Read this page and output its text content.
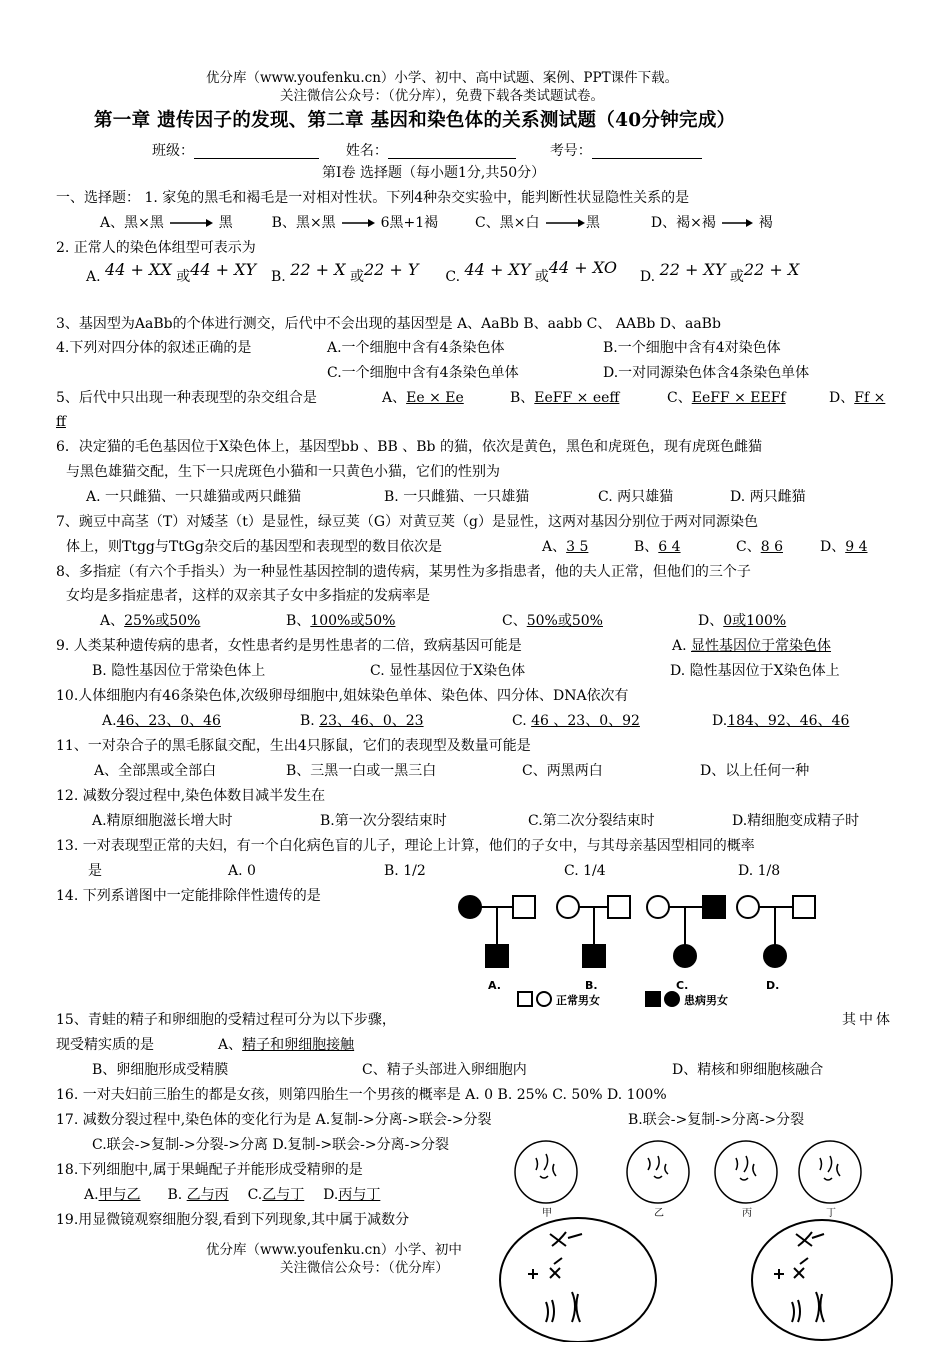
优分库（www.youfenku.cn）小学、初中、高中试题、案例、PPT课件下载。
关注微信公众号：（优分库），免费下载各类试题试卷。
第一章 遗传因子的发现、第二章 基因和染色体的关系测试题（40分钟完成）
班级：	姓名：	考号：
第Ⅰ卷 选择题（每小题1分,共50分）
一、选择题： 1. 家兔的黑毛和褐毛是一对相对性状。下列4种杂交实验中，能判断性状显隐性关系的是
A、黑×黑	黑	B、黑×黑	6黑+1褐	C、黑×白	黑	D、褐×褐	褐
2. 正常人的染色体组型可表示为
A. 44 + XX 或44 + XY B. 22 + X 或22 + Y C. 44 + XY 或44 + XO D. 22 + XY 或22 + X
3、基因型为AaBb的个体进行测交，后代中不会出现的基因型是 A、AaBb B、aabb C、 AABb D、aaBb
4.下列对四分体的叙述正确的是	A.一个细胞中含有4条染色体	B.一个细胞中含有4对染色体
C.一个细胞中含有4条染色单体	D.一对同源染色体含4条染色单体
5、后代中只出现一种表现型的杂交组合是	A、Ee × Ee	B、EeFF × eeff	C、EeFF × EEFf	D、Ff ×
ff
6．决定猫的毛色基因位于X染色体上，基因型bb 、BB 、Bb 的猫，依次是黄色，黑色和虎斑色，现有虎斑色雌猫
与黑色雄猫交配，生下一只虎斑色小猫和一只黄色小猫，它们的性别为
A. 一只雌猫、一只雄猫或两只雌猫	B. 一只雌猫、一只雄猫	C. 两只雄猫	D. 两只雌猫
7、豌豆中高茎（T）对矮茎（t）是显性，绿豆荚（G）对黄豆荚（g）是显性，这两对基因分别位于两对同源染色
体上，则Ttgg与TtGg杂交后的基因型和表现型的数目依次是	A、3 5	B、6 4	C、8 6	D、9 4
8、多指症（有六个手指头）为一种显性基因控制的遗传病，某男性为多指患者，他的夫人正常，但他们的三个子
女均是多指症患者，这样的双亲其子女中多指症的发病率是
A、25%或50%	B、100%或50%	C、50%或50%	D、0或100%
9. 人类某种遗传病的患者，女性患者约是男性患者的二倍，致病基因可能是	A. 显性基因位于常染色体
B. 隐性基因位于常染色体上	C. 显性基因位于X染色体	D. 隐性基因位于X染色体上
10.人体细胞内有46条染色体,次级卵母细胞中,姐妹染色单体、染色体、四分体、DNA依次有
A.46、23、0、46	B. 23、46、0、23	C. 46 、23、0、92	D.184、92、46、46
11、一对杂合子的黑毛豚鼠交配，生出4只豚鼠，它们的表现型及数量可能是
A、全部黑或全部白	B、三黑一白或一黑三白	C、两黑两白	D、以上任何一种
12. 减数分裂过程中,染色体数目减半发生在
A.精原细胞滋长增大时	B.第一次分裂结束时	C.第二次分裂结束时	D.精细胞变成精子时
13. 一对表现型正常的夫妇，有一个白化病色盲的儿子，理论上计算，他们的子女中，与其母亲基因型相同的概率
是	A. 0	B. 1/2	C. 1/4	D. 1/8
14. 下列系谱图中一定能排除伴性遗传的是
A.	B.	C.	D.
正常男女	患病男女
15、青蛙的精子和卵细胞的受精过程可分为以下步骤，	其中体
现受精实质的是	A、精子和卵细胞接触
B、卵细胞形成受精膜	C、精子头部进入卵细胞内	D、精核和卵细胞核融合
16. 一对夫妇前三胎生的都是女孩，则第四胎生一个男孩的概率是 A. 0 B. 25% C. 50% D. 100%
17. 减数分裂过程中,染色体的变化行为是 A.复制->分离->联会->分裂	B.联会->复制->分离->分裂
C.联会->复制->分裂->分离 D.复制->联会->分离->分裂
18.下列细胞中,属于果蝇配子并能形成受精卵的是
A.甲与乙 B. 乙与丙 C.乙与丁 D.丙与丁
甲	乙	丙	丁
19.用显微镜观察细胞分裂,看到下列现象,其中属于减数分
优分库（www.youfenku.cn）小学、初中
关注微信公众号：（优分库）
